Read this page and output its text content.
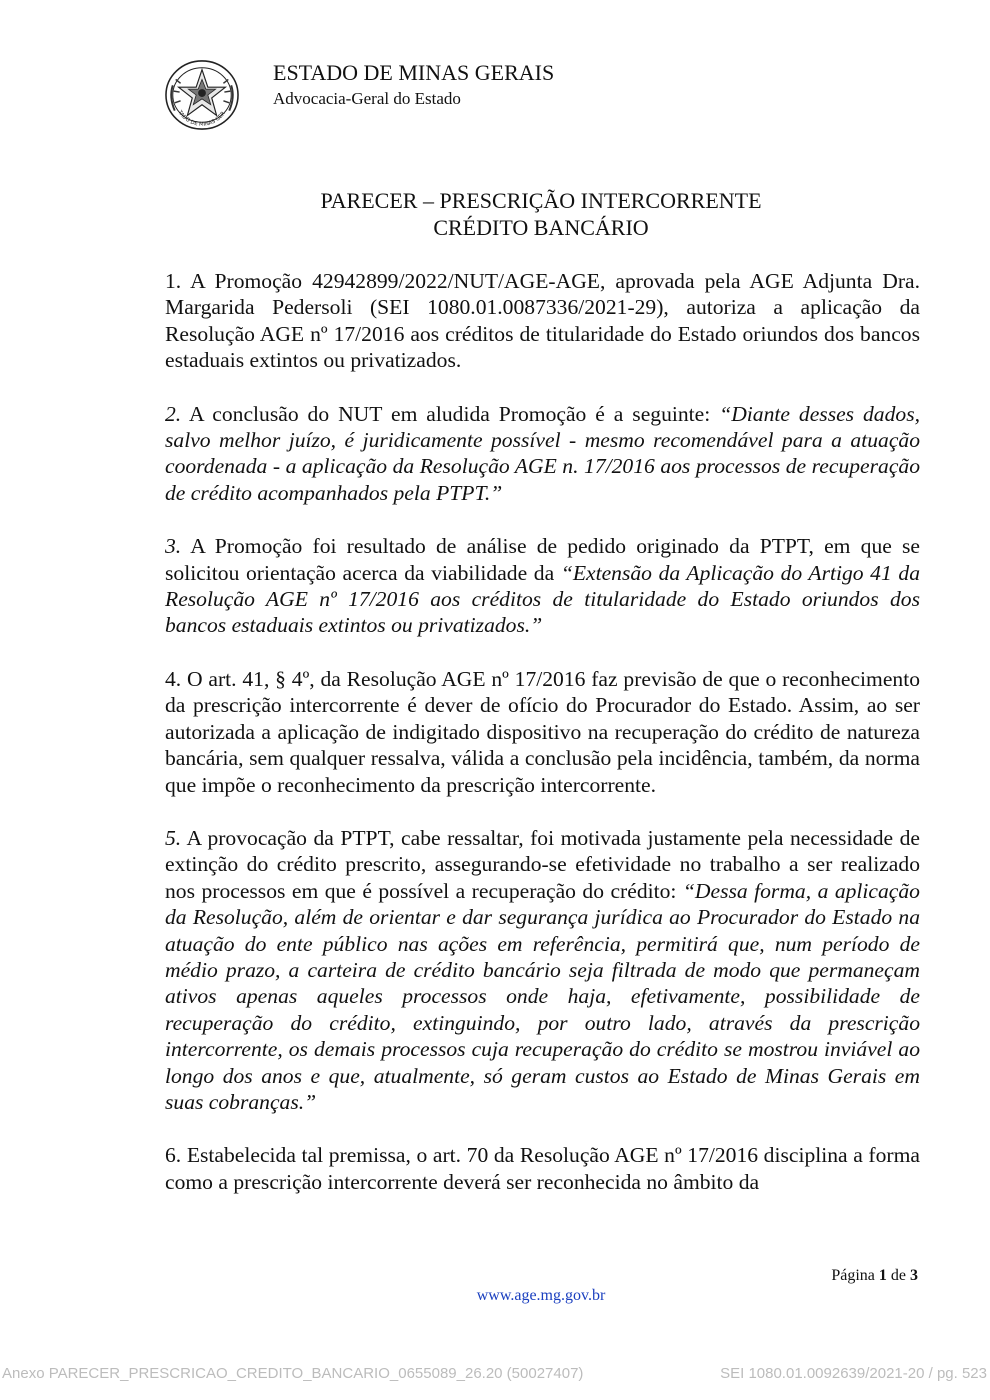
TADO DE MINAS GER
ESTADO DE MINAS GERAIS
Advocacia-Geral do Estado
PARECER – PRESCRIÇÃO INTERCORRENTE
CRÉDITO BANCÁRIO

1. A Promoção 42942899/2022/NUT/AGE-AGE, aprovada pela AGE Adjunta Dra. Margarida Pedersoli (SEI 1080.01.0087336/2021-29), autoriza a aplicação da Resolução AGE nº 17/2016 aos créditos de titularidade do Estado oriundos dos bancos estaduais extintos ou privatizados.

2. A conclusão do NUT em aludida Promoção é a seguinte: “Diante desses dados, salvo melhor juízo, é juridicamente possível - mesmo recomendável para a atuação coordenada - a aplicação da Resolução AGE n. 17/2016 aos processos de recuperação de crédito acompanhados pela PTPT.”

3. A Promoção foi resultado de análise de pedido originado da PTPT, em que se solicitou orientação acerca da viabilidade da “Extensão da Aplicação do Artigo 41 da Resolução AGE nº 17/2016 aos créditos de titularidade do Estado oriundos dos bancos estaduais extintos ou privatizados.”

4. O art. 41, § 4º, da Resolução AGE nº 17/2016 faz previsão de que o reconhecimento da prescrição intercorrente é dever de ofício do Procurador do Estado. Assim, ao ser autorizada a aplicação de indigitado dispositivo na recuperação do crédito de natureza bancária, sem qualquer ressalva, válida a conclusão pela incidência, também, da norma que impõe o reconhecimento da prescrição intercorrente.

5. A provocação da PTPT, cabe ressaltar, foi motivada justamente pela necessidade de extinção do crédito prescrito, assegurando-se efetividade no trabalho a ser realizado nos processos em que é possível a recuperação do crédito: “Dessa forma, a aplicação da Resolução, além de orientar e dar segurança jurídica ao Procurador do Estado na atuação do ente público nas ações em referência, permitirá que, num período de médio prazo, a carteira de crédito bancário seja filtrada de modo que permaneçam ativos apenas aqueles processos onde haja, efetivamente, possibilidade de recuperação do crédito, extinguindo, por outro lado, através da prescrição intercorrente, os demais processos cuja recuperação do crédito se mostrou inviável ao longo dos anos e que, atualmente, só geram custos ao Estado de Minas Gerais em suas cobranças.”

6. Estabelecida tal premissa, o art. 70 da Resolução AGE nº 17/2016 disciplina a forma como a prescrição intercorrente deverá ser reconhecida no âmbito da

Página 1 de 3
www.age.mg.gov.br
Anexo PARECER_PRESCRICAO_CREDITO_BANCARIO_0655089_26.20 (50027407)	SEI 1080.01.0092639/2021-20 / pg. 523
